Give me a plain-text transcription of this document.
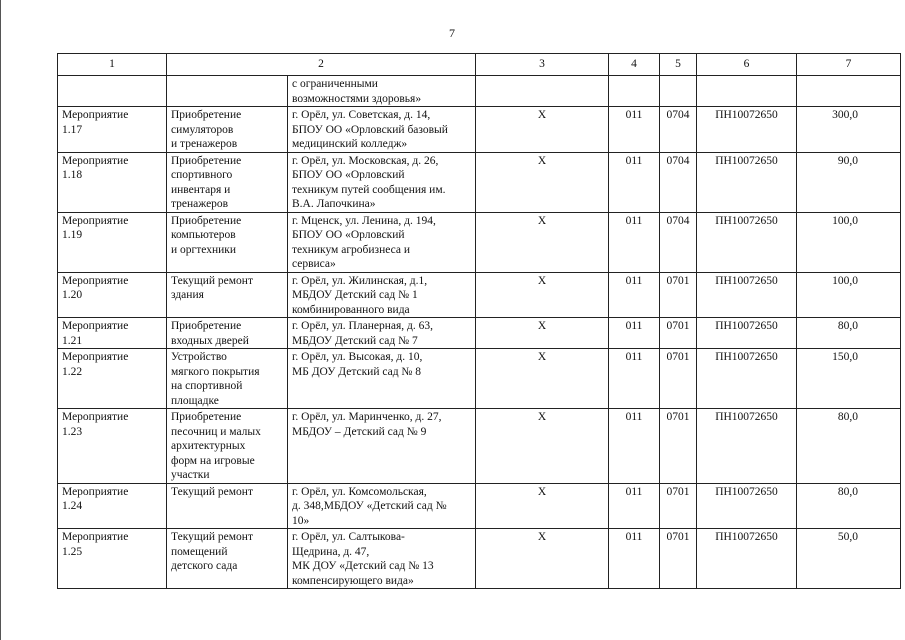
7
1	2		3	4	5	6	7
		с ограниченными
возможностями здоровья»					
Мероприятие
1.17	Приобретение
симуляторов
и тренажеров	г. Орёл, ул. Советская, д. 14,
БПОУ ОО «Орловский базовый
медицинский колледж»	Х	011	0704	ПН10072650	300,0
Мероприятие
1.18	Приобретение
спортивного
инвентаря и
тренажеров	г. Орёл, ул. Московская, д. 26,
БПОУ ОО «Орловский
техникум путей сообщения им.
В.А. Лапочкина»	Х	011	0704	ПН10072650	90,0
Мероприятие
1.19	Приобретение
компьютеров
и оргтехники	г. Мценск, ул. Ленина, д. 194,
БПОУ ОО «Орловский
техникум агробизнеса и
сервиса»	Х	011	0704	ПН10072650	100,0
Мероприятие
1.20	Текущий ремонт
здания	г. Орёл, ул. Жилинская, д.1,
МБДОУ Детский сад № 1
комбинированного вида	Х	011	0701	ПН10072650	100,0
Мероприятие
1.21	Приобретение
входных дверей	г. Орёл, ул. Планерная, д. 63,
МБДОУ Детский сад № 7	Х	011	0701	ПН10072650	80,0
Мероприятие
1.22	Устройство
мягкого покрытия
на спортивной
площадке	г. Орёл, ул. Высокая, д. 10,
МБ ДОУ Детский сад № 8	Х	011	0701	ПН10072650	150,0
Мероприятие
1.23	Приобретение
песочниц и малых
архитектурных
форм на игровые
участки	г. Орёл, ул. Маринченко, д. 27,
МБДОУ – Детский сад № 9	Х	011	0701	ПН10072650	80,0
Мероприятие
1.24	Текущий ремонт	г. Орёл, ул. Комсомольская,
д. 348,МБДОУ «Детский сад №
10»	Х	011	0701	ПН10072650	80,0
Мероприятие
1.25	Текущий ремонт
помещений
детского сада	г. Орёл, ул. Салтыкова-
Щедрина, д. 47,
МК ДОУ «Детский сад № 13
компенсирующего вида»	Х	011	0701	ПН10072650	50,0
